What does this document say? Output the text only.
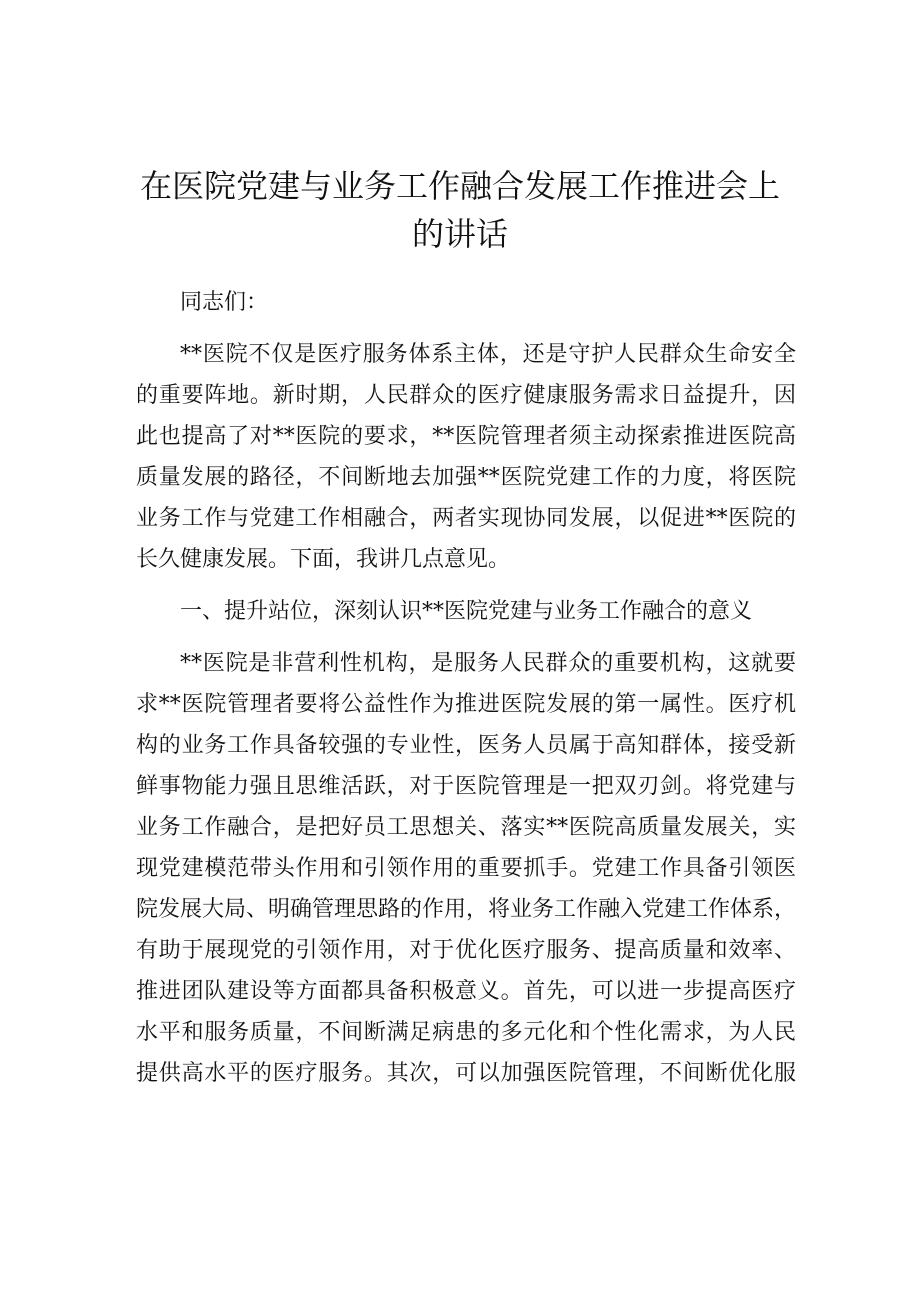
在医院党建与业务工作融合发展工作推进会上
的讲话

同志们：

**医院不仅是医疗服务体系主体，还是守护人民群众生命安全

的重要阵地。新时期，人民群众的医疗健康服务需求日益提升，因

此也提高了对**医院的要求，**医院管理者须主动探索推进医院高

质量发展的路径，不间断地去加强**医院党建工作的力度，将医院

业务工作与党建工作相融合，两者实现协同发展，以促进**医院的

长久健康发展。下面，我讲几点意见。

一、提升站位，深刻认识**医院党建与业务工作融合的意义

**医院是非营利性机构，是服务人民群众的重要机构，这就要

求**医院管理者要将公益性作为推进医院发展的第一属性。医疗机

构的业务工作具备较强的专业性，医务人员属于高知群体，接受新

鲜事物能力强且思维活跃，对于医院管理是一把双刃剑。将党建与

业务工作融合，是把好员工思想关、落实**医院高质量发展关，实

现党建模范带头作用和引领作用的重要抓手。党建工作具备引领医

院发展大局、明确管理思路的作用，将业务工作融入党建工作体系，

有助于展现党的引领作用，对于优化医疗服务、提高质量和效率、

推进团队建设等方面都具备积极意义。首先，可以进一步提高医疗

水平和服务质量，不间断满足病患的多元化和个性化需求，为人民

提供高水平的医疗服务。其次，可以加强医院管理，不间断优化服
